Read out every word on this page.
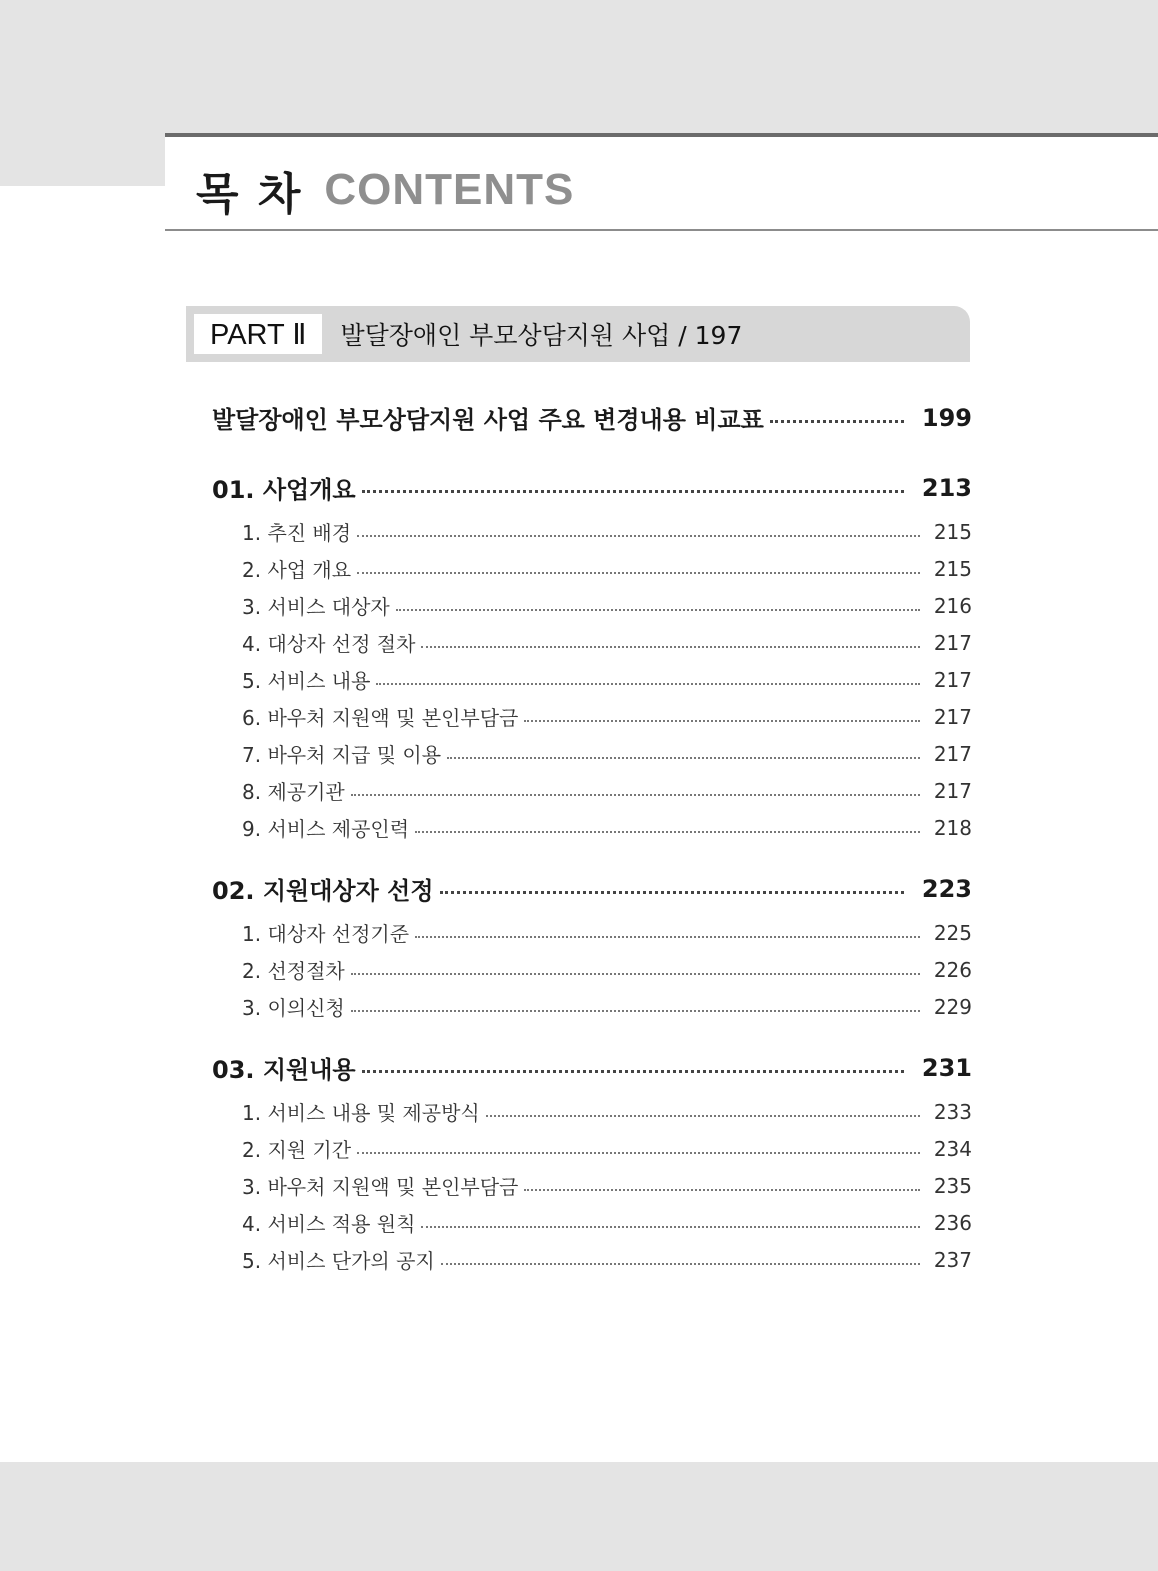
목 차 CONTENTS
PART Ⅱ	발달장애인 부모상담지원 사업 / 197
발달장애인 부모상담지원 사업 주요 변경내용 비교표	199
01. 사업개요	213
1. 추진 배경	215
2. 사업 개요	215
3. 서비스 대상자	216
4. 대상자 선정 절차	217
5. 서비스 내용	217
6. 바우처 지원액 및 본인부담금	217
7. 바우처 지급 및 이용	217
8. 제공기관	217
9. 서비스 제공인력	218
02. 지원대상자 선정	223
1. 대상자 선정기준	225
2. 선정절차	226
3. 이의신청	229
03. 지원내용	231
1. 서비스 내용 및 제공방식	233
2. 지원 기간	234
3. 바우처 지원액 및 본인부담금	235
4. 서비스 적용 원칙	236
5. 서비스 단가의 공지	237
